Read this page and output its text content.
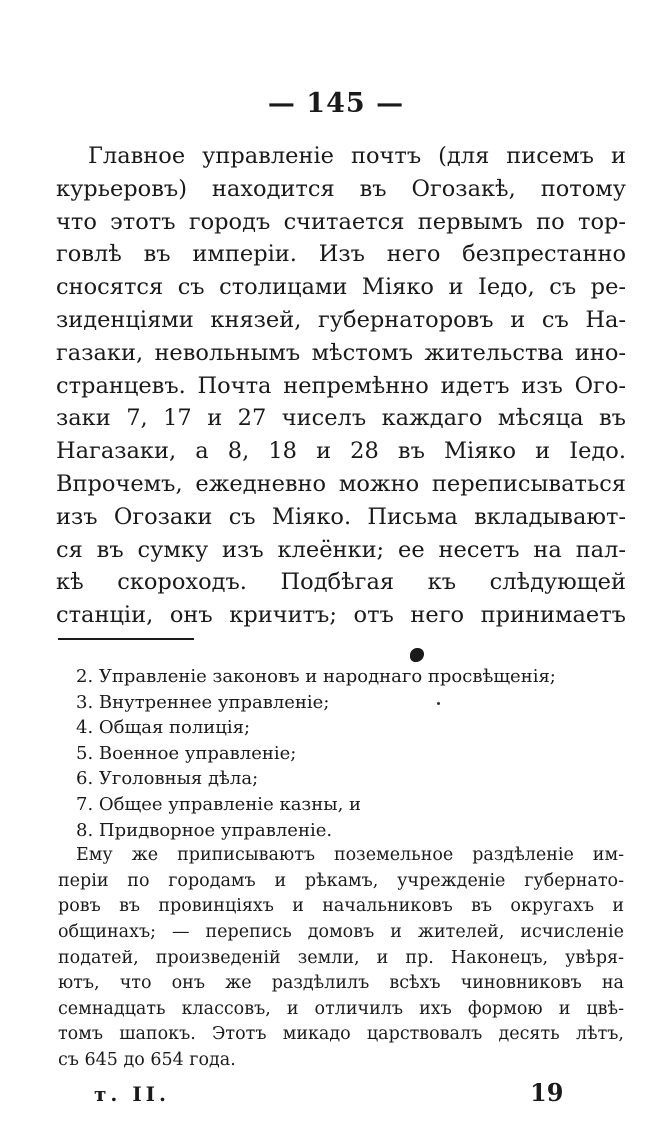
— 145 —
Главное управленіе почтъ (для писемъ и
курьеровъ) находится въ Огозакѣ, потому
что этотъ городъ считается первымъ по тор-
говлѣ въ имперіи. Изъ него безпрестанно
сносятся съ столицами Міяко и Іедо, съ ре-
зиденціями князей, губернаторовъ и съ На-
газаки, невольнымъ мѣстомъ жительства ино-
странцевъ. Почта непремѣнно идетъ изъ Ого-
заки 7, 17 и 27 чиселъ каждаго мѣсяца въ
Нагазаки, а 8, 18 и 28 въ Міяко и Іедо.
Впрочемъ, ежедневно можно переписываться
изъ Огозаки съ Міяко. Письма вкладывают-
ся въ сумку изъ клеёнки; ее несетъ на пал-
кѣ скороходъ. Подбѣгая къ слѣдующей
станціи, онъ кричитъ; отъ него принимаетъ
2. Управленіе законовъ и народнаго просвѣщенія;
3. Внутреннее управленіе;
4. Общая полиція;
5. Военное управленіе;
6. Уголовныя дѣла;
7. Общее управленіе казны, и
8. Придворное управленіе.
Ему же приписываютъ поземельное раздѣленіе им-
періи по городамъ и рѣкамъ, учрежденіе губернато-
ровъ въ провинціяхъ и начальниковъ въ округахъ и
общинахъ; — перепись домовъ и жителей, исчисленіе
податей, произведеній земли, и пр. Наконецъ, увѣря-
ютъ, что онъ же раздѣлилъ всѣхъ чиновниковъ на
семнадцать классовъ, и отличилъ ихъ формою и цвѣ-
томъ шапокъ. Этотъ микадо царствовалъ десять лѣтъ,
съ 645 до 654 года.
т. II.	19
